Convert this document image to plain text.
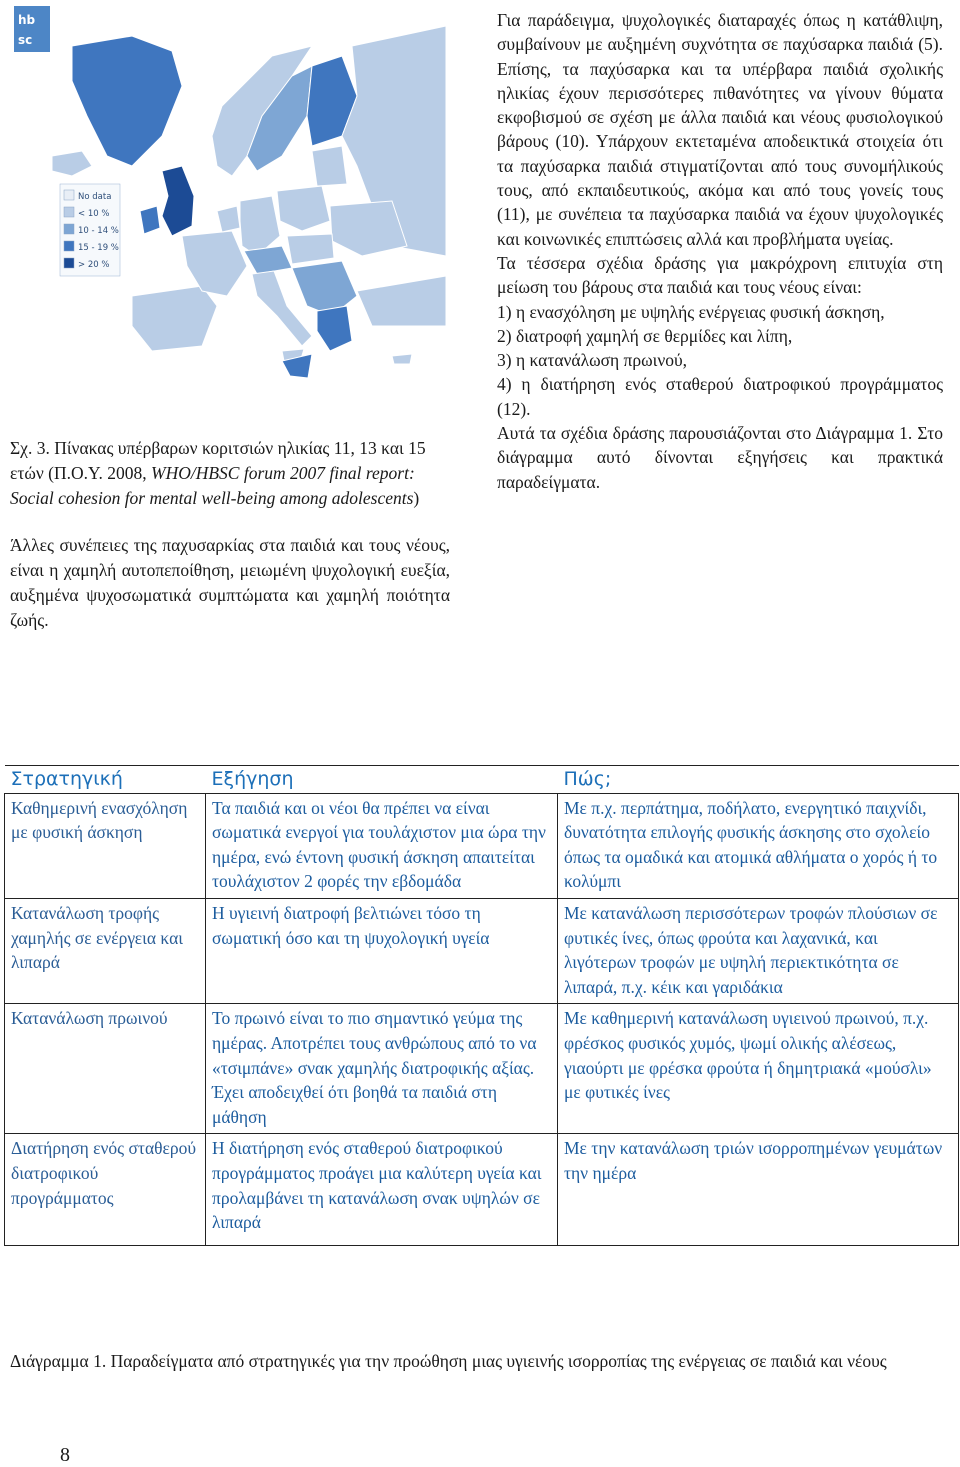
hb
sc
No data
< 10 %
10 - 14 %
15 - 19 %
> 20 %
Σχ. 3. Πίνακας υπέρβαρων κοριτσιών ηλικίας 11, 13 και 15 ετών (Π.Ο.Υ. 2008, WHO/HBSC forum 2007 final report: Social cohesion for mental well-being among adolescents)
Άλλες συνέπειες της παχυσαρκίας στα παιδιά και τους νέους, είναι η χαμηλή αυτοπεποίθηση, μειωμένη ψυχολογική ευεξία, αυξημένα ψυχοσωματικά συμπτώματα και χαμηλή ποιότητα ζωής.

Για παράδειγμα, ψυχολογικές διαταραχές όπως η κατάθλιψη, συμβαίνουν με αυξημένη συχνότητα σε παχύσαρκα παιδιά (5). Επίσης, τα παχύσαρκα και τα υπέρβαρα παιδιά σχολικής ηλικίας έχουν περισσότερες πιθανότητες να γίνουν θύματα εκφοβισμού σε σχέση με άλλα παιδιά και νέους φυσιολογικού βάρους (10). Υπάρχουν εκτεταμένα αποδεικτικά στοιχεία ότι τα παχύσαρκα παιδιά στιγματίζονται από τους συνομήλικούς τους, από εκπαιδευτικούς, ακόμα και από τους γονείς τους (11), με συνέπεια τα παχύσαρκα παιδιά να έχουν ψυχολογικές και κοινωνικές επιπτώσεις αλλά και προβλήματα υγείας.

Τα τέσσερα σχέδια δράσης για μακρόχρονη επιτυχία στη μείωση του βάρους στα παιδιά και τους νέους είναι:

1) η ενασχόληση με υψηλής ενέργειας φυσική άσκηση,

2) διατροφή χαμηλή σε θερμίδες και λίπη,

3) η κατανάλωση πρωινού,

4) η διατήρηση ενός σταθερού διατροφικού προγράμματος (12).

Αυτά τα σχέδια δράσης παρουσιάζονται στο Διάγραμμα 1. Στο διάγραμμα αυτό δίνονται εξηγήσεις και πρακτικά παραδείγματα.

Στρατηγική	Εξήγηση	Πώς;
Καθημερινή ενασχόληση με φυσική άσκηση	Τα παιδιά και οι νέοι θα πρέπει να είναι σωματικά ενεργοί για τουλάχιστον μια ώρα την ημέρα, ενώ έντονη φυσική άσκηση απαιτείται τουλάχιστον 2 φορές την εβδομάδα	Με π.χ. περπάτημα, ποδήλατο, ενεργητικό παιχνίδι, δυνατότητα επιλογής φυσικής άσκησης στο σχολείο όπως τα ομαδικά και ατομικά αθλήματα ο χορός ή το κολύμπι
Κατανάλωση τροφής χαμηλής σε ενέργεια και λιπαρά	Η υγιεινή διατροφή βελτιώνει τόσο τη σωματική όσο και τη ψυχολογική υγεία	Με κατανάλωση περισσότερων τροφών πλούσιων σε φυτικές ίνες, όπως φρούτα και λαχανικά, και λιγότερων τροφών με υψηλή περιεκτικότητα σε λιπαρά, π.χ. κέικ και γαριδάκια
Κατανάλωση πρωινού	Το πρωινό είναι το πιο σημαντικό γεύμα της ημέρας. Αποτρέπει τους ανθρώπους από το να «τσιμπάνε» σνακ χαμηλής διατροφικής αξίας. Έχει αποδειχθεί ότι βοηθά τα παιδιά στη μάθηση	Με καθημερινή κατανάλωση υγιεινού πρωινού, π.χ. φρέσκος φυσικός χυμός, ψωμί ολικής αλέσεως, γιαούρτι με φρέσκα φρούτα ή δημητριακά «μούσλι» με φυτικές ίνες
Διατήρηση ενός σταθερού διατροφικού προγράμματος	Η διατήρηση ενός σταθερού διατροφικού προγράμματος προάγει μια καλύτερη υγεία και προλαμβάνει τη κατανάλωση σνακ υψηλών σε λιπαρά	Με την κατανάλωση τριών ισορροπημένων γευμάτων την ημέρα
Διάγραμμα 1. Παραδείγματα από στρατηγικές για την προώθηση μιας υγιεινής ισορροπίας της ενέργειας σε παιδιά και νέους
8
